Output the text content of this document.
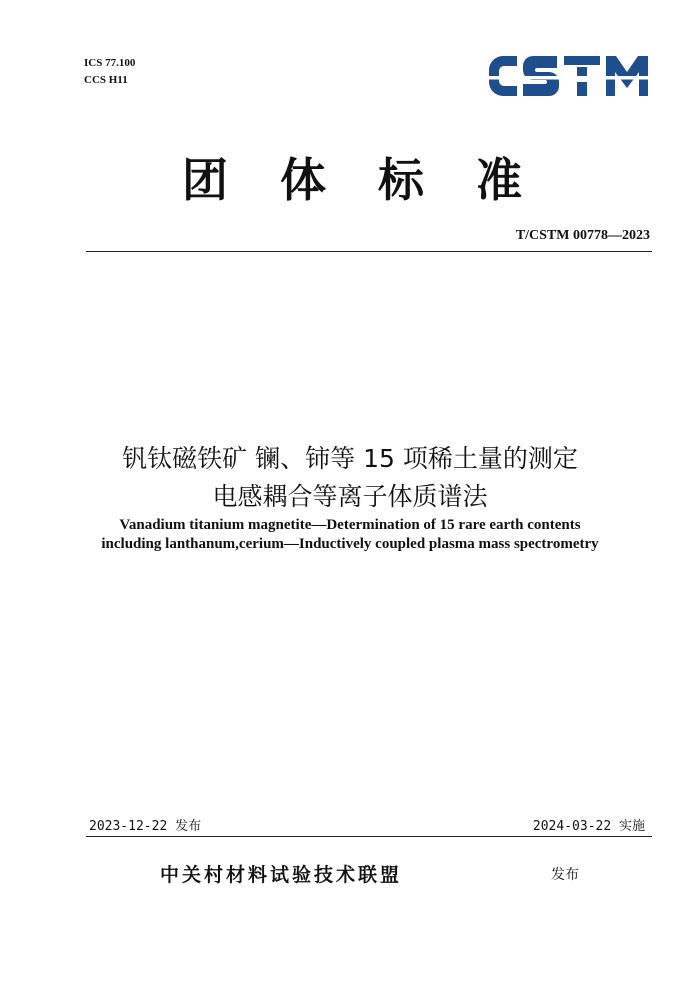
ICS 77.100
CCS H11
团 体 标 准
T/CSTM 00778—2023
钒钛磁铁矿 镧、铈等 15 项稀土量的测定
电感耦合等离子体质谱法
Vanadium titanium magnetite—Determination of 15 rare earth contents
including lanthanum,cerium—Inductively coupled plasma mass spectrometry
2023-12-22 发布	2024-03-22 实施
中关村材料试验技术联盟	发布
